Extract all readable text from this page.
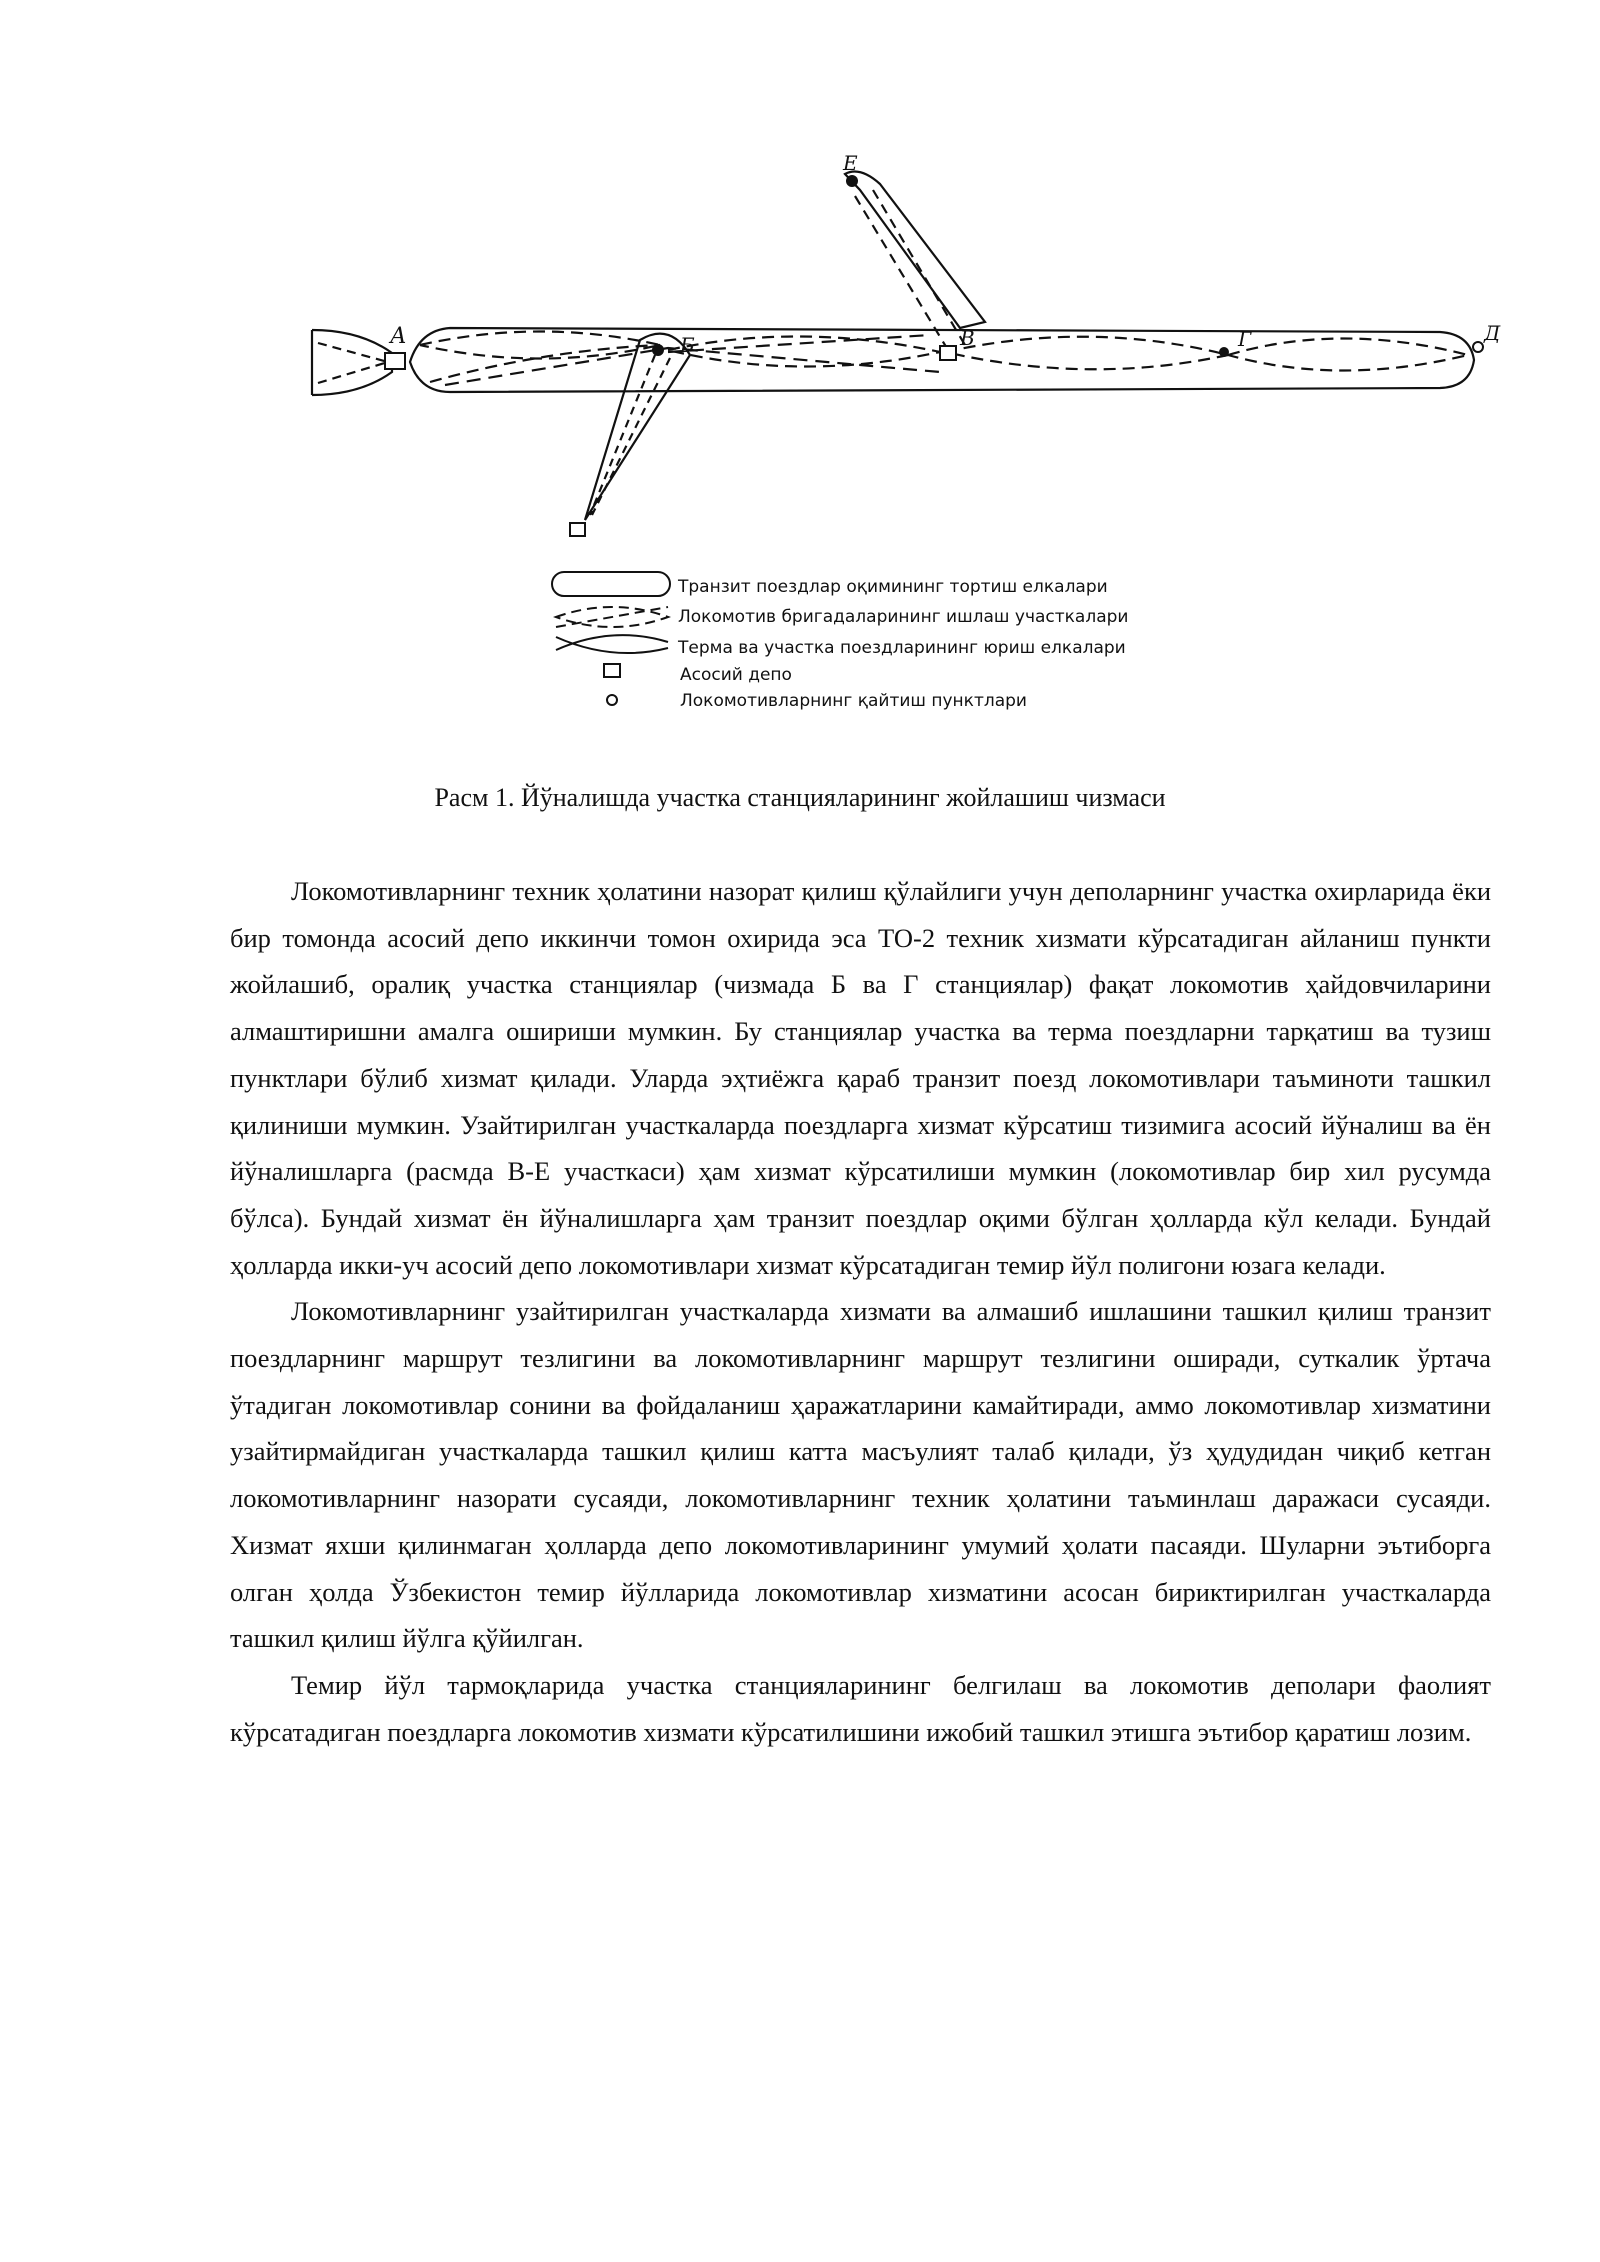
А	Б	В	Г	Д
Е
Транзит поездлар оқимининг тортиш елкалари
Локомотив бригадаларининг ишлаш участкалари
Терма ва участка поездларининг юриш елкалари
Асосий депо
Локомотивларнинг қайтиш пунктлари
Расм 1. Йўналишда участка станцияларининг жойлашиш чизмаси

Локомотивларнинг техник ҳолатини назорат қилиш қўлайлиги учун деполарнинг участка охирларида ёки бир томонда асосий депо иккинчи томон охирида эса ТО-2 техник хизмати кўрсатадиган айланиш пункти жойлашиб, оралиқ участка станциялар (чизмада Б ва Г станциялар) фақат локомотив ҳайдовчиларини алмаштиришни амалга ошириши мумкин. Бу станциялар участка ва терма поездларни тарқатиш ва тузиш пунктлари бўлиб хизмат қилади. Уларда эҳтиёжга қараб транзит поезд локомотивлари таъминоти ташкил қилиниши мумкин. Узайтирилган участкаларда поездларга хизмат кўрсатиш тизимига асосий йўналиш ва ён йўналишларга (расмда В-Е участкаси) ҳам хизмат кўрсатилиши мумкин (локомотивлар бир хил русумда бўлса). Бундай хизмат ён йўналишларга ҳам транзит поездлар оқими бўлган ҳолларда кўл келади. Бундай ҳолларда икки-уч асосий депо локомотивлари хизмат кўрсатадиган темир йўл полигони юзага келади.

Локомотивларнинг узайтирилган участкаларда хизмати ва алмашиб ишлашини ташкил қилиш транзит поездларнинг маршрут тезлигини ва локомотивларнинг маршрут тезлигини оширади, суткалик ўртача ўтадиган локомотивлар сонини ва фойдаланиш ҳаражатларини камайтиради, аммо локомотивлар хизматини узайтирмайдиган участкаларда ташкил қилиш катта масъулият талаб қилади, ўз ҳудудидан чиқиб кетган локомотивларнинг назорати сусаяди, локомотивларнинг техник ҳолатини таъминлаш даражаси сусаяди. Хизмат яхши қилинмаган ҳолларда депо локомотивларининг умумий ҳолати пасаяди. Шуларни эътиборга олган ҳолда Ўзбекистон темир йўлларида локомотивлар хизматини асосан бириктирилган участкаларда ташкил қилиш йўлга қўйилган.

Темир йўл тармоқларида участка станцияларининг белгилаш ва локомотив деполари фаолият кўрсатадиган поездларга локомотив хизмати кўрсатилишини ижобий ташкил этишга эътибор қаратиш лозим.
